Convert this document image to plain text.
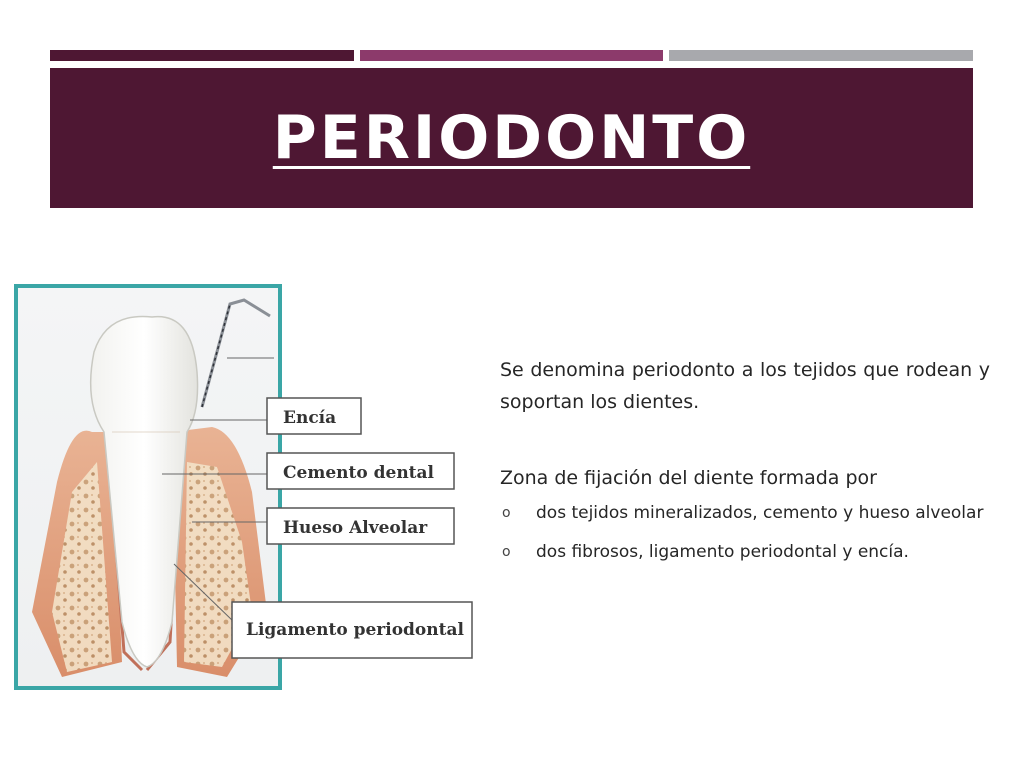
PERIODONTO
Encía
Cemento dental
Hueso Alveolar
Ligamento periodontal

Se denomina periodonto a los tejidos que rodean y soportan los dientes.

Zona de fijación del diente formada por

o dos tejidos mineralizados, cemento y hueso alveolar
o dos fibrosos, ligamento periodontal y encía.
